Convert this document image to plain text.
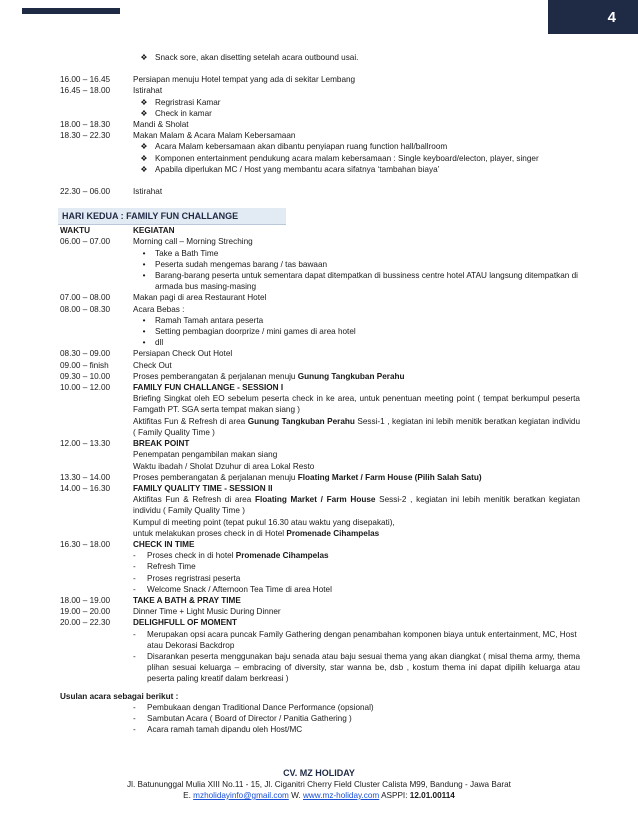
4
❖ Snack sore, akan disetting setelah acara outbound usai.
16.00 – 16.45	Persiapan menuju Hotel tempat yang ada di sekitar Lembang
16.45 – 18.00	Istirahat
❖ Regristrasi Kamar
❖ Check in kamar
18.00 – 18.30	Mandi & Sholat
18.30 – 22.30	Makan Malam & Acara Malam Kebersamaan
❖ Acara Malam kebersamaan akan dibantu penyiapan ruang function hall/ballroom
❖ Komponen entertainment pendukung acara malam kebersamaan : Single keyboard/electon, player, singer
❖ Apabila diperlukan MC / Host yang membantu acara sifatnya ‘tambahan biaya’
22.30 – 06.00	Istirahat
HARI KEDUA : FAMILY FUN CHALLANGE
WAKTU	KEGIATAN
06.00 – 07.00	Morning call – Morning Streching
•	Take a Bath Time
•	Peserta sudah mengemas barang / tas bawaan
•	Barang-barang peserta untuk sementara dapat ditempatkan di bussiness centre hotel ATAU langsung ditempatkan di armada bus masing-masing
07.00 – 08.00	Makan pagi di area Restaurant Hotel
08.00 – 08.30	Acara Bebas :
•	Ramah Tamah antara peserta
•	Setting pembagian doorprize / mini games di area hotel
•	dll
08.30 – 09.00	Persiapan Check Out Hotel
09.00 – finish	Check Out
09.30 – 10.00	Proses pemberangatan & perjalanan menuju Gunung Tangkuban Perahu
10.00 – 12.00	FAMILY FUN CHALLANGE - SESSION I
Briefing Singkat oleh EO sebelum peserta check in ke area, untuk penentuan meeting point ( tempat berkumpul peserta Famgath PT. SGA serta tempat makan siang )
Aktifitas Fun & Refresh di area Gunung Tangkuban Perahu Sessi-1 , kegiatan ini lebih menitik beratkan kegiatan individu ( Family Quality Time )
12.00 – 13.30	BREAK POINT
Penempatan pengambilan makan siang
Waktu ibadah / Sholat Dzuhur di area Lokal Resto
13.30 – 14.00	Proses pemberangatan & perjalanan menuju Floating Market / Farm House (Pilih Salah Satu)
14.00 – 16.30	FAMILY QUALITY TIME - SESSION II
Aktifitas Fun & Refresh di area Floating Market / Farm House Sessi-2 , kegiatan ini lebih menitik beratkan kegiatan individu ( Family Quality Time )
Kumpul di meeting point (tepat pukul 16.30 atau waktu yang disepakati),
untuk melakukan proses check in di Hotel Promenade Cihampelas
16.30 – 18.00	CHECK IN TIME
-	Proses check in di hotel Promenade Cihampelas
-	Refresh Time
-	Proses regristrasi peserta
-	Welcome Snack / Afternoon Tea Time di area Hotel
18.00 – 19.00	TAKE A BATH & PRAY TIME
19.00 – 20.00	Dinner Time + Light Music During Dinner
20.00 – 22.30	DELIGHFULL OF MOMENT
-	Merupakan opsi acara puncak Family Gathering dengan penambahan komponen biaya untuk entertainment, MC, Host atau Dekorasi Backdrop
-	Disarankan peserta menggunakan baju senada atau baju sesuai thema yang akan diangkat ( misal thema army, thema plihan sesuai keluarga – embracing of diversity, star wanna be, dsb , kostum thema ini dapat dipilih keluarga atau peserta paling kreatif dalam berkreasi )
Usulan acara sebagai berikut :
-	Pembukaan dengan Traditional Dance Performance (opsional)
-	Sambutan Acara ( Board of Director / Panitia Gathering )
-	Acara ramah tamah dipandu oleh Host/MC
CV. MZ HOLIDAY
Jl. Batununggal Mulia XIII No.11 - 15, Jl. Ciganitri Cherry Field Cluster Calista M99, Bandung - Jawa Barat
E. mzholidayinfo@gmail.com W. www.mz-holiday.com ASPPI: 12.01.00114
